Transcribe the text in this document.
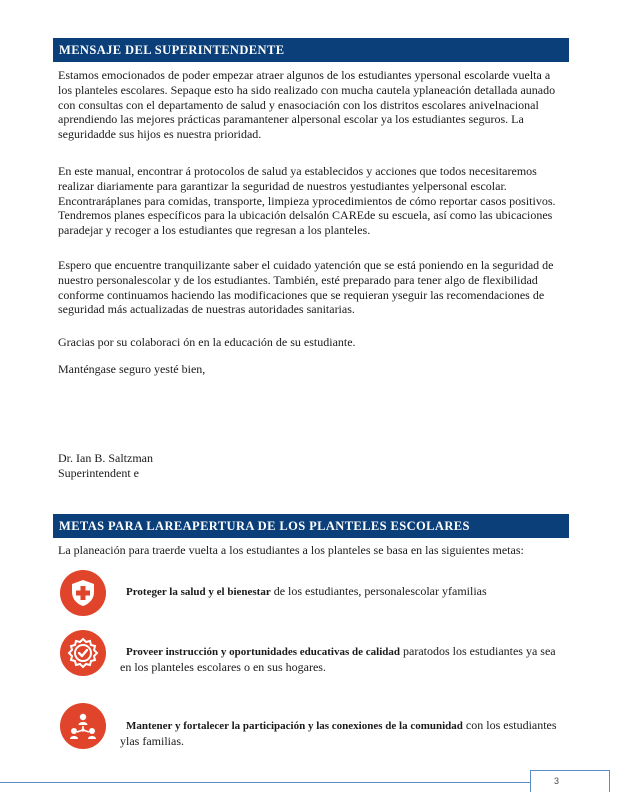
MENSAJE DEL SUPERINTENDENTE

Estamos emocionados de poder empezar atraer algunos de los estudiantes ypersonal escolarde vuelta a los planteles escolares. Sepaque esto ha sido realizado con mucha cautela yplaneación detallada aunado con consultas con el departamento de salud y enasociación con los distritos escolares anivelnacional aprendiendo las mejores prácticas paramantener alpersonal escolar ya los estudiantes seguros. La seguridadde sus hijos es nuestra prioridad.

En este manual, encontrar á protocolos de salud ya establecidos y acciones que todos necesitaremos realizar diariamente para garantizar la seguridad de nuestros yestudiantes yelpersonal escolar. Encontraráplanes para comidas, transporte, limpieza yprocedimientos de cómo reportar casos positivos. Tendremos planes específicos para la ubicación delsalón CAREde su escuela, así como las ubicaciones paradejar y recoger a los estudiantes que regresan a los planteles.

Espero que encuentre tranquilizante saber el cuidado yatención que se está poniendo en la seguridad de nuestro personalescolar y de los estudiantes. También, esté preparado para tener algo de flexibilidad conforme continuamos haciendo las modificaciones que se requieran yseguir las recomendaciones de seguridad más actualizadas de nuestras autoridades sanitarias.

Gracias por su colaboraci ón en la educación de su estudiante.

Manténgase seguro yesté bien,

Dr. Ian B. Saltzman
Superintendent e
METAS PARA LAREAPERTURA DE LOS PLANTELES ESCOLARES

La planeación para traerde vuelta a los estudiantes a los planteles se basa en las siguientes metas:

Proteger la salud y el bienestar de los estudiantes, personalescolar yfamilias
Proveer instrucción y oportunidades educativas de calidad paratodos los estudiantes ya sea en los planteles escolares o en sus hogares.
Mantener y fortalecer la participación y las conexiones de la comunidad con los estudiantes ylas familias.
3
